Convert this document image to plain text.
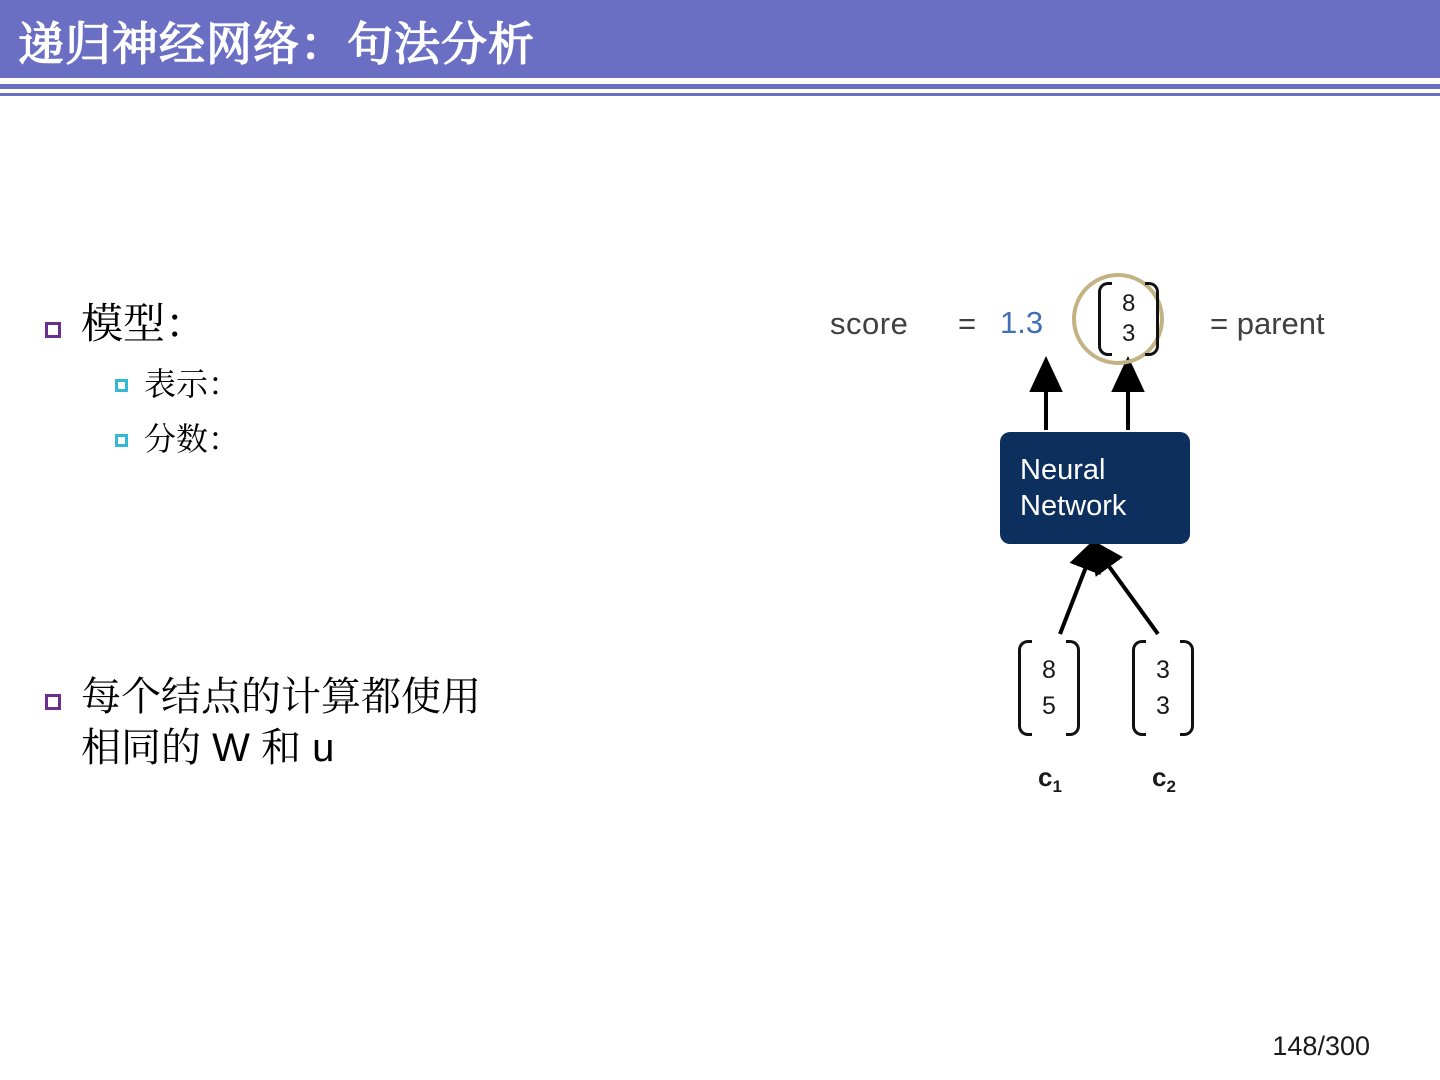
递归神经网络：句法分析
模型：
表示：
分数：
每个结点的计算都使用
相同的 W 和 u
score = 1.3
8
3 = parent
Neural
Network
8
5
3
3
$c_1$	$c_2$
148/300
